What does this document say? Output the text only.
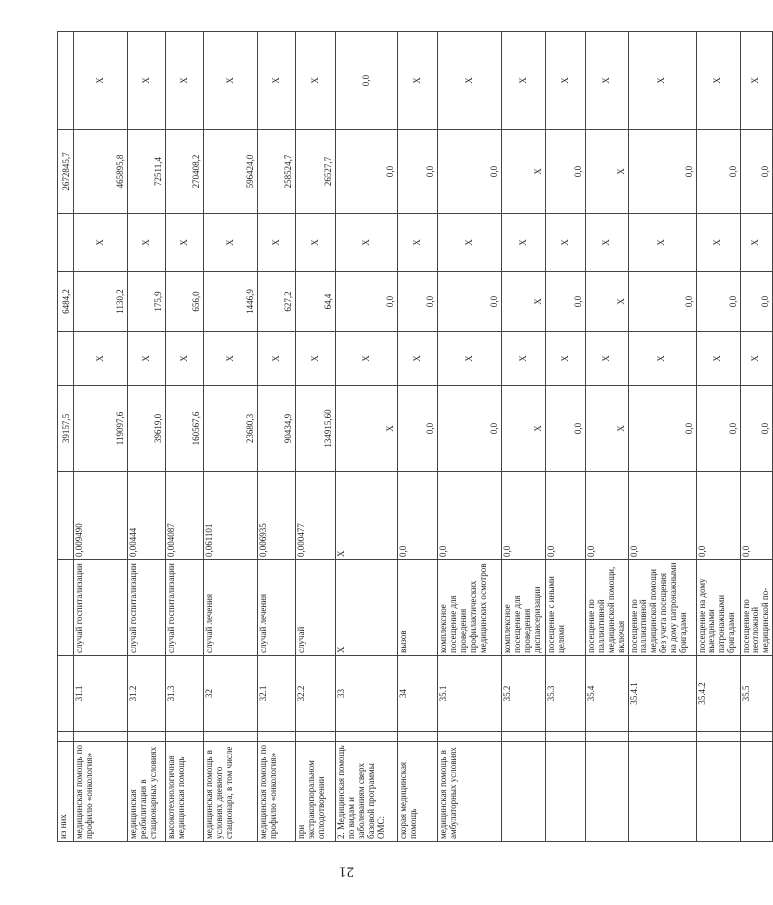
21
из них					39157,5		6484,2		2672845,7	
медицинская помощь по профилю «онкология»		31.1	случай госпитализации	0,009490	119097,6	X	1130,2	X	465895,8	X
медицинская реабилитация в стационарных условиях		31.2	случай госпитализации	0,00444	39619,0	X	175,9	X	72511,4	X
высокотехнологичная медицинская помощь		31.3	случай госпитализации	0,004087	160567,6	X	656,0	X	270408,2	X
медицинская помощь в условиях дневного стационара, в том числе		32	случай лечения	0,061101	23680,3	X	1446,9	X	596424,0	X
медицинская помощь по профилю «онкология»		32.1	случай лечения	0,006935	90434,9	X	627,2	X	258524,7	X
при экстракорпоральном оплодотворении		32.2	случай	0,000477	134915,60	X	64,4	X	26527,7	X
2. Медицинская помощь по видам и заболеваниям сверх базовой программы ОМС:		33	X	X	X	X	0,0	X	0,0	0,0
скорая медицинская помощь		34	вызов	0,0	0,0	X	0,0	X	0,0	X
медицинская помощь в амбулаторных условиях		35.1	комплексное посещение для проведения профилактических медицинских осмотров	0,0	0,0	X	0,0	X	0,0	X
		35.2	комплексное посещение для проведения диспансеризации	0,0	X	X	X	X	X	X
		35.3	посещение с иными целями	0,0	0,0	X	0,0	X	0,0	X
		35.4	посещение по паллиативной медицинской помощи, включая	0,0	X	X	X	X	X	X
		35.4.1	посещение по паллиативной медицинской помощи без учета посещения на дому патронажными бригадами	0,0	0,0	X	0,0	X	0,0	X
		35.4.2	посещение на дому выездными патронажными бригадами	0,0	0,0	X	0,0	X	0,0	X
		35.5	посещение по неотложной медицинской по-	0,0	0,0	X	0,0	X	0,0	X
